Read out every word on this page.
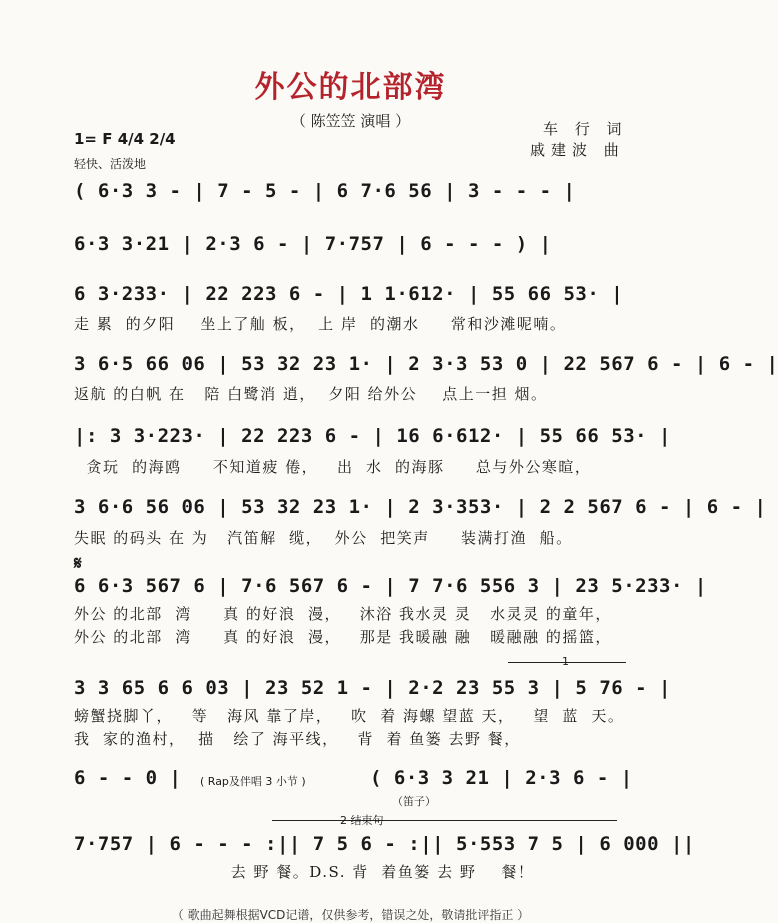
外公的北部湾
（ 陈笠笠 演唱 ）	车 行 词
戚建波 曲
1= F 4/4 2/4
轻快、活泼地
( 6·3 3 - | 7 - 5 - | 6 7·6 56 | 3 - - - |
6·3 3·21 | 2·3 6 - | 7·757 | 6 - - - ) |
6 3·233· | 22 223 6 - | 1 1·612· | 55 66 53· |
走 累  的夕阳    坐上了舢 板，  上 岸  的潮水     常和沙滩呢喃。
3 6·5 66 06 | 53 32 23 1· | 2 3·3 53 0 | 22 567 6 - | 6 - |
返航 的白帆 在   陪 白鹭消 逍，  夕阳 给外公    点上一担 烟。
|: 3 3·223· | 22 223 6 - | 16 6·612· | 55 66 53· |
贪玩  的海鸥     不知道疲 倦，   出  水  的海豚     总与外公寒暄，
3 6·6 56 06 | 53 32 23 1· | 2 3·353· | 2 2 567 6 - | 6 - |
失眠 的码头 在 为   汽笛解  缆，  外公  把笑声     装满打渔  船。
𝄋
6 6·3 567 6 | 7·6 567 6 - | 7 7·6 556 3 | 23 5·233· |
外公 的北部  湾     真 的好浪  漫，   沐浴 我水灵 灵   水灵灵 的童年，
外公 的北部  湾     真 的好浪  漫，   那是 我暖融 融   暖融融 的摇篮，
1
3 3 65 6 6 03 | 23 52 1 - | 2·2 23 55 3 | 5 76 - |
螃蟹挠脚丫，   等   海风 靠了岸，   吹  着 海螺 望蓝 天，   望  蓝  天。
我  家的渔村，  描   绘了 海平线，   背  着 鱼篓 去野 餐，
6 - - 0 | ( Rap及伴唱 3 小节 )	( 6·3 3 21 | 2·3 6 - |
（笛子）
2 结束句
7·757 | 6 - - - :|| 7 5 6 - :|| 5·553 7 5 | 6 000 ||
去 野 餐。D.S. 背  着鱼篓 去 野    餐！
（ 歌曲起舞根据VCD记谱，仅供参考，错误之处，敬请批评指正 ）
